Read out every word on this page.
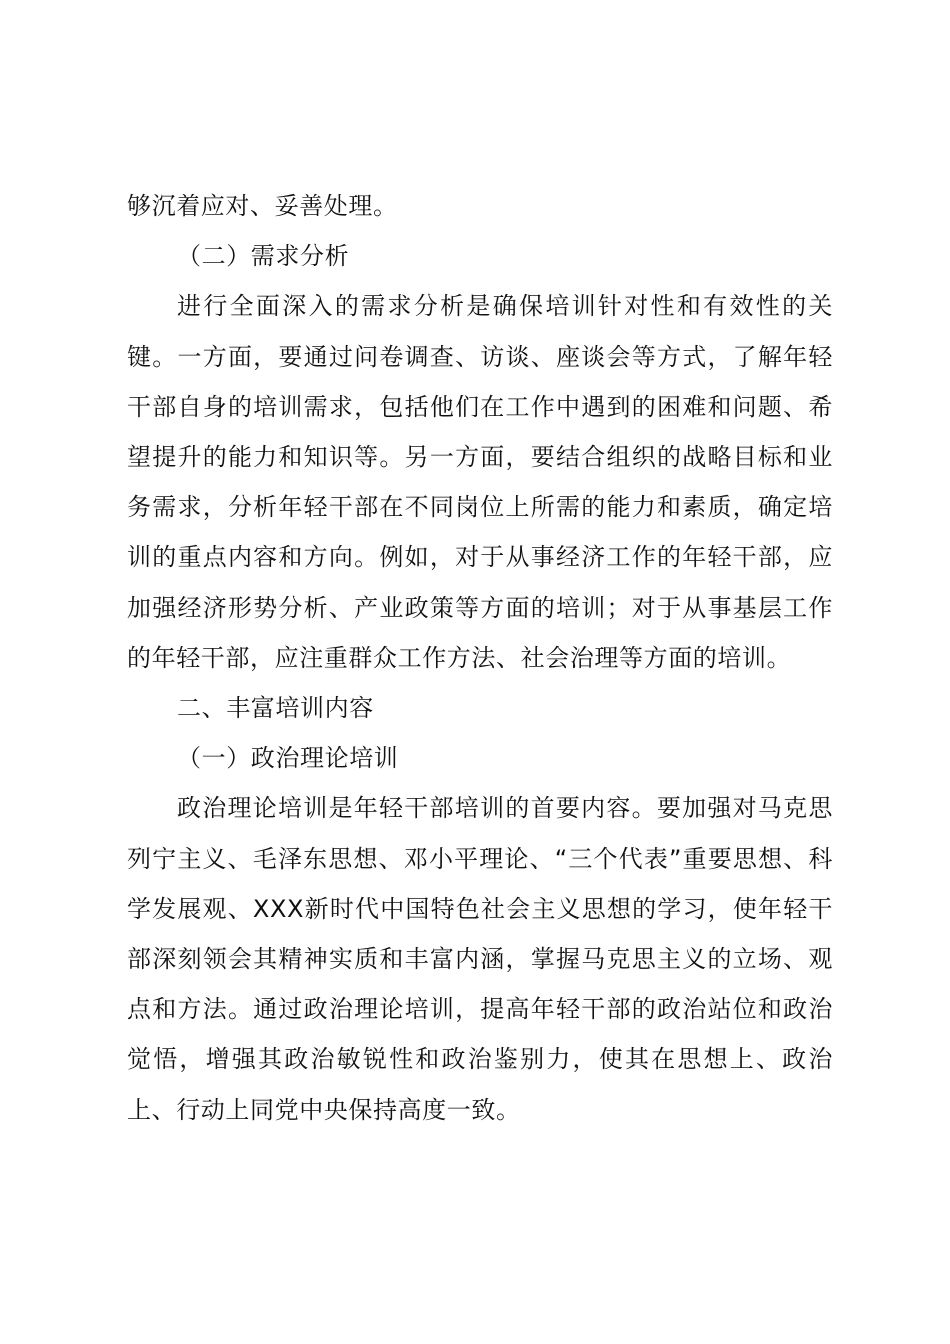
够沉着应对、妥善处理。

（二）需求分析

进行全面深入的需求分析是确保培训针对性和有效性的关键。一方面，要通过问卷调查、访谈、座谈会等方式，了解年轻干部自身的培训需求，包括他们在工作中遇到的困难和问题、希望提升的能力和知识等。另一方面，要结合组织的战略目标和业务需求，分析年轻干部在不同岗位上所需的能力和素质，确定培训的重点内容和方向。例如，对于从事经济工作的年轻干部，应加强经济形势分析、产业政策等方面的培训；对于从事基层工作的年轻干部，应注重群众工作方法、社会治理等方面的培训。

二、丰富培训内容

（一）政治理论培训

政治理论培训是年轻干部培训的首要内容。要加强对马克思列宁主义、毛泽东思想、邓小平理论、“三个代表”重要思想、科学发展观、XXX新时代中国特色社会主义思想的学习，使年轻干部深刻领会其精神实质和丰富内涵，掌握马克思主义的立场、观点和方法。通过政治理论培训，提高年轻干部的政治站位和政治觉悟，增强其政治敏锐性和政治鉴别力，使其在思想上、政治上、行动上同党中央保持高度一致。
